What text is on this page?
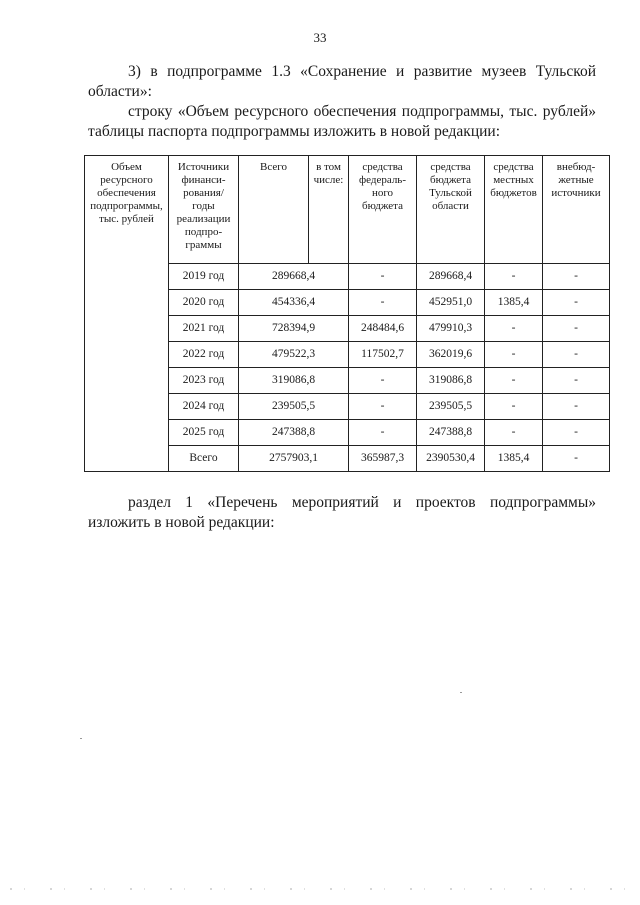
33
3) в подпрограмме 1.3 «Сохранение и развитие музеев Тульской области»:
строку «Объем ресурсного обеспечения подпрограммы, тыс. рублей» таблицы паспорта подпрограммы изложить в новой редакции:
Объем ресурсного обеспечения подпрограммы, тыс. рублей	Источники финанси-рования/ годы реализации подпро-граммы	Всего	в том числе:	средства федераль-ного бюджета	средства бюджета Тульской области	средства местных бюджетов	внебюд-жетные источники
	2019 год	289668,4		-	289668,4	-	-
	2020 год	454336,4		-	452951,0	1385,4	-
	2021 год	728394,9		248484,6	479910,3	-	-
	2022 год	479522,3		117502,7	362019,6	-	-
	2023 год	319086,8		-	319086,8	-	-
	2024 год	239505,5		-	239505,5	-	-
	2025 год	247388,8		-	247388,8	-	-
	Всего	2757903,1		365987,3	2390530,4	1385,4	-
раздел 1 «Перечень мероприятий и проектов подпрограммы» изложить в новой редакции:
